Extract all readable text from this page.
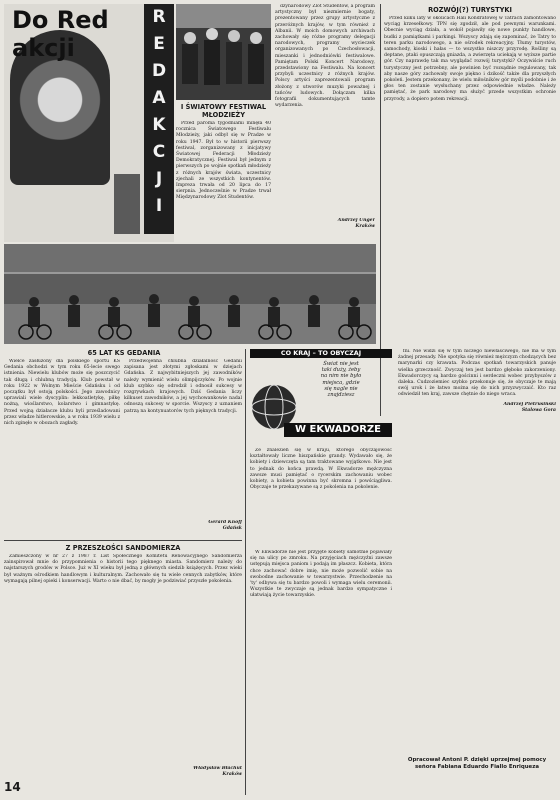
Do Red akcji
R
E
D
A
K
C
J
I
I ŚWIATOWY FESTIWAL MŁODZIEŻY

Przed paroma tygodniami minęła 40 rocznica Światowego Festiwalu Młodzieży, jaki odbył się w Pradze w roku 1947. Był to w historii pierwszy festiwal, zorganizowany z inicjatywy Światowej Federacji Młodzieży Demokratycznej. Festiwal był jednym z pierwszych po wojnie spotkań młodzieży z różnych krajów świata, uczestnicy zjechali ze wszystkich kontynentów. Impreza trwała od 20 lipca do 17 sierpnia. Jednocześnie w Pradze trwał Międzynarodowy Zlot Studentów.

dzynarodowy Zlot Studentów, a program artystyczny był niezmiernie bogaty, prezentowany przez grupy artystyczne z przeróżnych krajów, w tym również z Albanii. W moich domowych archiwach zachowały się różne programy delegacji narodowych, programy wycieczek organizowanych po Czechosłowacji, mieszanki i jednodniówki festiwalowe. Pamiętam Polski Koncert Narodowy, przedstawiony na Festiwalu. Na koncert przybyli uczestnicy z różnych krajów. Polscy artyści zaprezentowali program złożony z utworów muzyki poważnej i tańców ludowych. Dołączam kilka fotografii dokumentujących tamte wydarzenia.

Andrzej Unger
Kraków
ROZWÓJ(?) TURYSTYKI

Przed kilku laty w okolicach Hali Kondratowej w Tatrach zamontowano wyciąg krzesełkowy. TPN się zgodził, ale pod pewnymi warunkami. Obecnie wyciąg działa, a wokół pojawiły się nowe punkty handlowe, budki z pamiątkami i parkingi. Wszyscy zdają się zapominać, że Tatry to teren parku narodowego, a nie ośrodek rekreacyjny. Tłumy turystów, samochody, kioski i hałas — to wszystko niszczy przyrodę. Rośliny są deptane, ptaki opuszczają gniazda, a zwierzęta uciekają w wyższe partie gór. Czy naprawdę tak ma wyglądać rozwój turystyki? Oczywiście ruch turystyczny jest potrzebny, ale powinien być rozsądnie regulowany, tak aby nasze góry zachowały swoje piękno i dzikość także dla przyszłych pokoleń. Jestem przekonany, że wielu miłośników gór myśli podobnie i że głos ten zostanie wysłuchany przez odpowiednie władze. Należy pamiętać, że park narodowy ma służyć przede wszystkim ochronie przyrody, a dopiero potem rekreacji.

Andrzej Pietrusiński
Stalowa Gora
65 LAT KS GEDANIA

Wielce zasłużony dla polskiego sportu KS Gedania obchodzi w tym roku 65-lecie swego istnienia. Niewielu klubów może się poszczycić tak długą i chlubną tradycją. Klub powstał w roku 1922 w Wolnym Mieście Gdańsku i od początku był ostoją polskości. Jego zawodnicy uprawiali wiele dyscyplin: lekkoatletykę, piłkę nożną, wioślarstwo, kolarstwo i gimnastykę. Przed wojną działacze klubu byli prześladowani przez władze hitlerowskie, a w roku 1939 wielu z nich zginęło w obozach zagłady.

Przedwojenna chlubna działalność Gedanii zapisana jest złotymi zgłoskami w dziejach Gdańska. Z najwybitniejszych jej zawodników należy wymienić wielu olimpijczyków. Po wojnie klub szybko się odrodził i odnosił sukcesy w rozgrywkach krajowych. Dziś Gedania liczy kilkuset zawodników, a jej wychowankowie nadal odnoszą sukcesy w sporcie. Wszyscy z uznaniem patrzą na kontynuatorów tych pięknych tradycji.

Gerard Knoff
Gdańsk
Z PRZESZŁOŚCI SANDOMIERZA

Zamieszczony w nr 27 z 1987 r. List Społecznego Komitetu Renowacyjnego Sandomierza zainspirował mnie do przypomnienia o historii tego pięknego miasta. Sandomierz należy do najstarszych grodów w Polsce. Już w XI wieku był jedną z głównych siedzib książęcych. Przez wieki był ważnym ośrodkiem handlowym i kulturalnym. Zachowało się tu wiele cennych zabytków, które wymagają pilnej opieki i konserwacji. Warto o nie dbać, by mogły je podziwiać przyszłe pokolenia.

Władysław Błachut
Kraków
14
CO KRAJ – TO OBYCZAJ
Świat nie jest
taki duży, żeby
na nim nie było
miejsca, gdzie
się nagle nie
znajdziesz
W EKWADORZE

Ze znalezień się w kraju, którego obyczajowość kształtowały liczne hiszpańskie grandy. Wydawało się, że kobiety i dziewczęta są tam traktowane wyjątkowo. Nie jest to jednak do końca prawdą. W Ekwadorze mężczyzna zawsze musi pamiętać o rycerskim zachowaniu wobec kobiety, a kobieta powinna być skromna i powściągliwa. Obyczaje te przekazywane są z pokolenia na pokolenie.

W Ekwadorze nie jest przyjęte kobiety samotnie pojawiały się na ulicy po zmroku. Na przyjęciach mężczyźni zawsze ustępują miejsca paniom i podają im płaszcz. Kobieta, która chce zachować dobre imię, nie może pozwolić sobie na swobodne zachowanie w towarzystwie. Przechodzenie na 'ty' odbywa się tu bardzo powoli i wymaga wielu ceremonii. Wszystkie te zwyczaje są jednak bardzo sympatyczne i ułatwiają życie towarzyskie.

fni. Nie widzi się w tym niczego niewłaściwego, nie ma w tym żadnej przesady. Nie spotyka się również mężczyzn chodzących bez marynarki czy krawata. Podczas spotkań towarzyskich panuje wielka grzeczność. Zwyczaj ten jest bardzo głęboko zakorzeniony. Ekwadorczycy są bardzo gościnni i serdeczni wobec przybyszów z daleka. Cudzoziemiec szybko przekonuje się, że obyczaje te mają swój urok i że łatwo można się do nich przyzwyczaić. Kto raz odwiedził ten kraj, zawsze chętnie do niego wraca.

Opracował Antoni P. dzięki uprzejmej pomocy señora Fabiana Eduardo Fiallo Enriqueza
